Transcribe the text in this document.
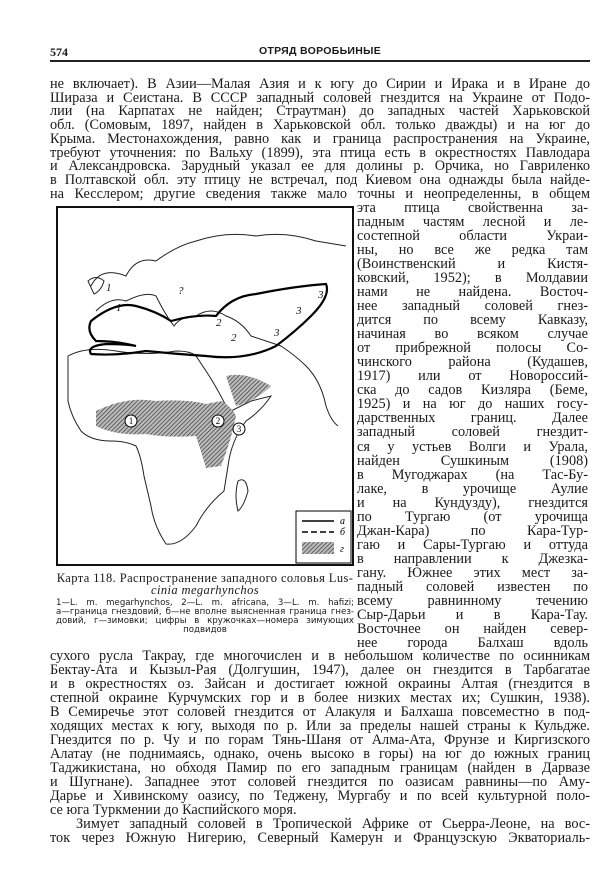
574	ОТРЯД ВОРОБЬИНЫЕ
не включает). В Азии—Малая Азия и к югу до Сирии и Ирака и в Иране до
Шираза и Сеистана. В СССР западный соловей гнездится на Украине от Подо-
лии (на Карпатах не найден; Страутман) до западных частей Харьковской
обл. (Сомовым, 1897, найден в Харьковской обл. только дважды) и на юг до
Крыма. Местонахождения, равно как и граница распространения на Украине,
требуют уточнения: по Вальху (1899), эта птица есть в окрестностях Павлодара
и Александровска. Зарудный указал ее для долины р. Орчика, но Гавриленко
в Полтавской обл. эту птицу не встречал, под Киевом она однажды была найде-
на Кесслером; другие сведения также мало точны и неопределенны, в общем
эта птица свойственна за-
падным частям лесной и ле-
состепной области Украи-
ны, но все же редка там
(Воинственский и Кистя-
ковский, 1952); в Молдавии
нами не найдена. Восточ-
нее западный соловей гнез-
дится по всему Кавказу,
начиная во всяком случае
от прибрежной полосы Со-
чинского района (Кудашев,
1917) или от Новороссий-
ска до садов Кизляра (Беме,
1925) и на юг до наших госу-
дарственных границ. Далее
западный соловей гнездит-
ся у устьев Волги и Урала,
найден Сушкиным (1908)
в Мугоджарах (на Тас-Бу-
лаке, в урочище Аулие
и на Кундузду), гнездится
по Тургаю (от урочища
Джан-Кара) по Кара-Тур-
гаю и Сары-Тургаю и оттуда
в направлении к Джезка-
гану. Южнее этих мест за-
падный соловей известен по
всему равнинному течению
Сыр-Дарьи и в Кара-Тау.
Восточнее он найден север-
нее города Балхаш вдоль
сухого русла Такрау, где многочислен и в небольшом количестве по осинникам
Бектау-Ата и Кызыл-Рая (Долгушин, 1947), далее он гнездится в Тарбагатае
и в окрестностях оз. Зайсан и достигает южной окраины Алтая (гнездится в
степной окраине Курчумских гор и в более низких местах их; Сушкин, 1938).
В Семиречье этот соловей гнездится от Алакуля и Балхаша повсеместно в под-
ходящих местах к югу, выходя по р. Или за пределы нашей страны к Кульдже.
Гнездится по р. Чу и по горам Тянь-Шаня от Алма-Ата, Фрунзе и Киргизского
Алатау (не поднимаясь, однако, очень высоко в горы) на юг до южных границ
Таджикистана, но обходя Памир по его западным границам (найден в Дарвазе
и Шугнане). Западнее этот соловей гнездится по оазисам равнины—по Аму-
Дарье и Хивинскому оазису, по Теджену, Мургабу и по всей культурной поло-
се юга Туркмении до Каспийского моря.
Зимует западный соловей в Тропической Африке от Сьерра-Леоне, на вос-
ток через Южную Нигерию, Северный Камерун и Французскую Экваториаль-
1
1
2
2	3
3
3
?
1	2
3
а
б
г
Карта 118. Распространение западного соловья Lus-
cinia megarhynchos
1—L. m. megarhynchos, 2—L. m. africana, 3—L. m. hafizi;
а—граница гнездовий, б—не вполне выясненная граница гнез-
довий, г—зимовки; цифры в кружочках—номера зимующих
подвидов
